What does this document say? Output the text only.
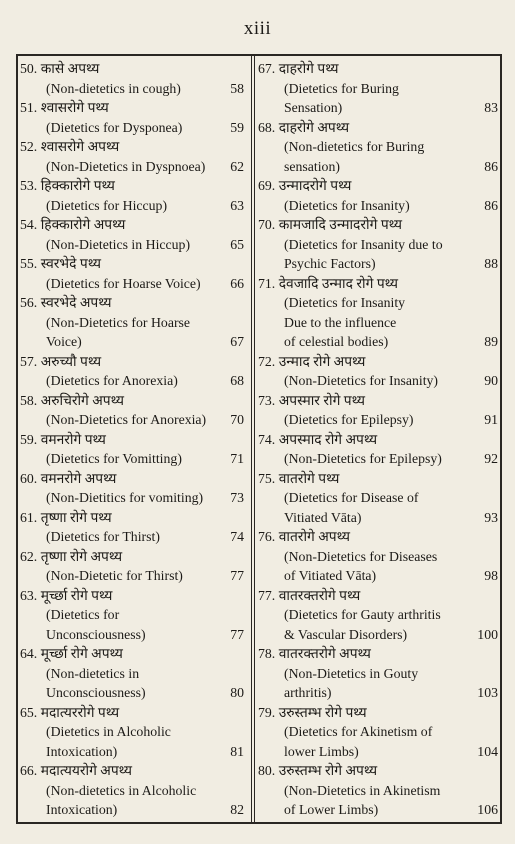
xiii
50. कासे अपथ्य
(Non-dietetics in cough)	58
51. श्वासरोगे पथ्य
(Dietetics for Dysponea)	59
52. श्वासरोगे अपथ्य
(Non-Dietetics in Dyspnoea)	62
53. हिक्कारोगे पथ्य
(Dietetics for Hiccup)	63
54. हिक्कारोगे अपथ्य
(Non-Dietetics in Hiccup)	65
55. स्वरभेदे पथ्य
(Dietetics for Hoarse Voice)	66
56. स्वरभेदे अपथ्य
(Non-Dietetics for Hoarse
Voice)	67
57. अरुच्यौ पथ्य
(Dietetics for Anorexia)	68
58. अरुचिरोगे अपथ्य
(Non-Dietetics for Anorexia)	70
59. वमनरोगे पथ्य
(Dietetics for Vomitting)	71
60. वमनरोगे अपथ्य
(Non-Dietitics for vomiting)	73
61. तृष्णा रोगे पथ्य
(Dietetics for Thirst)	74
62. तृष्णा रोगे अपथ्य
(Non-Dietetic for Thirst)	77
63. मूर्च्छा रोगे पथ्य
(Dietetics for
Unconsciousness)	77
64. मूर्च्छा रोगे अपथ्य
(Non-dietetics in
Unconsciousness)	80
65. मदात्यररोगे पथ्य
(Dietetics in Alcoholic
Intoxication)	81
66. मदात्ययरोगे अपथ्य
(Non-dietetics in Alcoholic
Intoxication)	82
67. दाहरोगे पथ्य
(Dietetics for Buring
Sensation)	83
68. दाहरोगे अपथ्य
(Non-dietetics for Buring
sensation)	86
69. उन्मादरोगे पथ्य
(Dietetics for Insanity)	86
70. कामजादि उन्मादरोगे पथ्य
(Dietetics for Insanity due to
Psychic Factors)	88
71. देवजादि उन्माद रोगे पथ्य
(Dietetics for Insanity
Due to the influence
of celestial bodies)	89
72. उन्माद रोगे अपथ्य
(Non-Dietetics for Insanity)	90
73. अपस्मार रोगे पथ्य
(Dietetics for Epilepsy)	91
74. अपस्माद रोगे अपथ्य
(Non-Dietetics for Epilepsy)	92
75. वातरोगे पथ्य
(Dietetics for Disease of
Vitiated Vāta)	93
76. वातरोगे अपथ्य
(Non-Dietetics for Diseases
of Vitiated Vāta)	98
77. वातरक्तरोगे पथ्य
(Dietetics for Gauty arthritis
& Vascular Disorders)	100
78. वातरक्तरोगे अपथ्य
(Non-Dietetics in Gouty
arthritis)	103
79. उरुस्तम्भ रोगे पथ्य
(Dietetics for Akinetism of
lower Limbs)	104
80. उरुस्तम्भ रोगे अपथ्य
(Non-Dietetics in Akinetism
of Lower Limbs)	106
